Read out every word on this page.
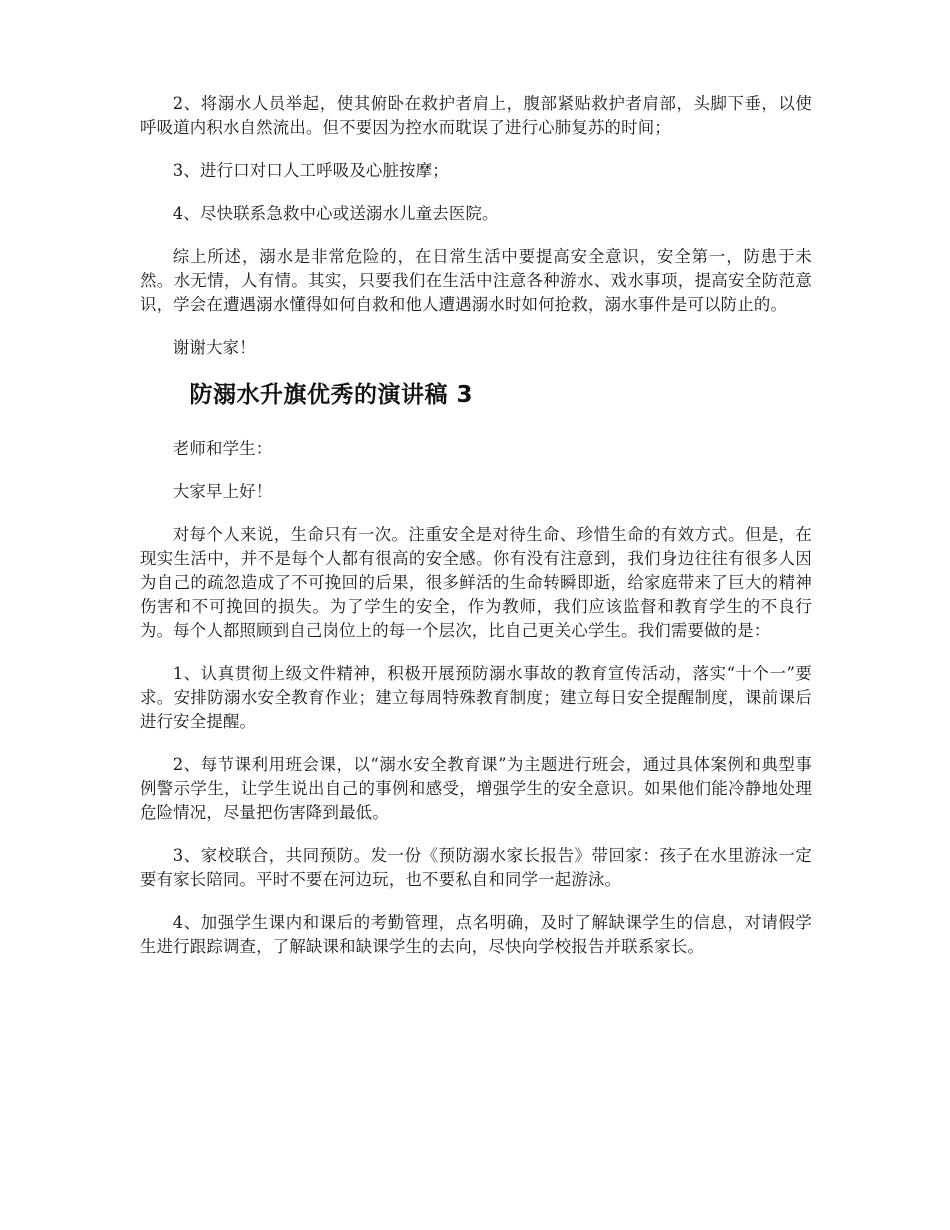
2、将溺水人员举起，使其俯卧在救护者肩上，腹部紧贴救护者肩部，头脚下垂，以使呼吸道内积水自然流出。但不要因为控水而耽误了进行心肺复苏的时间；

3、进行口对口人工呼吸及心脏按摩；

4、尽快联系急救中心或送溺水儿童去医院。

综上所述，溺水是非常危险的，在日常生活中要提高安全意识，安全第一，防患于未然。水无情，人有情。其实，只要我们在生活中注意各种游水、戏水事项，提高安全防范意识，学会在遭遇溺水懂得如何自救和他人遭遇溺水时如何抢救，溺水事件是可以防止的。

谢谢大家！

防溺水升旗优秀的演讲稿 3

老师和学生：

大家早上好！

对每个人来说，生命只有一次。注重安全是对待生命、珍惜生命的有效方式。但是，在现实生活中，并不是每个人都有很高的安全感。你有没有注意到，我们身边往往有很多人因为自己的疏忽造成了不可挽回的后果，很多鲜活的生命转瞬即逝，给家庭带来了巨大的精神伤害和不可挽回的损失。为了学生的安全，作为教师，我们应该监督和教育学生的不良行为。每个人都照顾到自己岗位上的每一个层次，比自己更关心学生。我们需要做的是：

1、认真贯彻上级文件精神，积极开展预防溺水事故的教育宣传活动，落实“十个一”要求。安排防溺水安全教育作业；建立每周特殊教育制度；建立每日安全提醒制度，课前课后进行安全提醒。

2、每节课利用班会课，以“溺水安全教育课”为主题进行班会，通过具体案例和典型事例警示学生，让学生说出自己的事例和感受，增强学生的安全意识。如果他们能冷静地处理危险情况，尽量把伤害降到最低。

3、家校联合，共同预防。发一份《预防溺水家长报告》带回家：孩子在水里游泳一定要有家长陪同。平时不要在河边玩，也不要私自和同学一起游泳。

4、加强学生课内和课后的考勤管理，点名明确，及时了解缺课学生的信息，对请假学生进行跟踪调查，了解缺课和缺课学生的去向，尽快向学校报告并联系家长。
